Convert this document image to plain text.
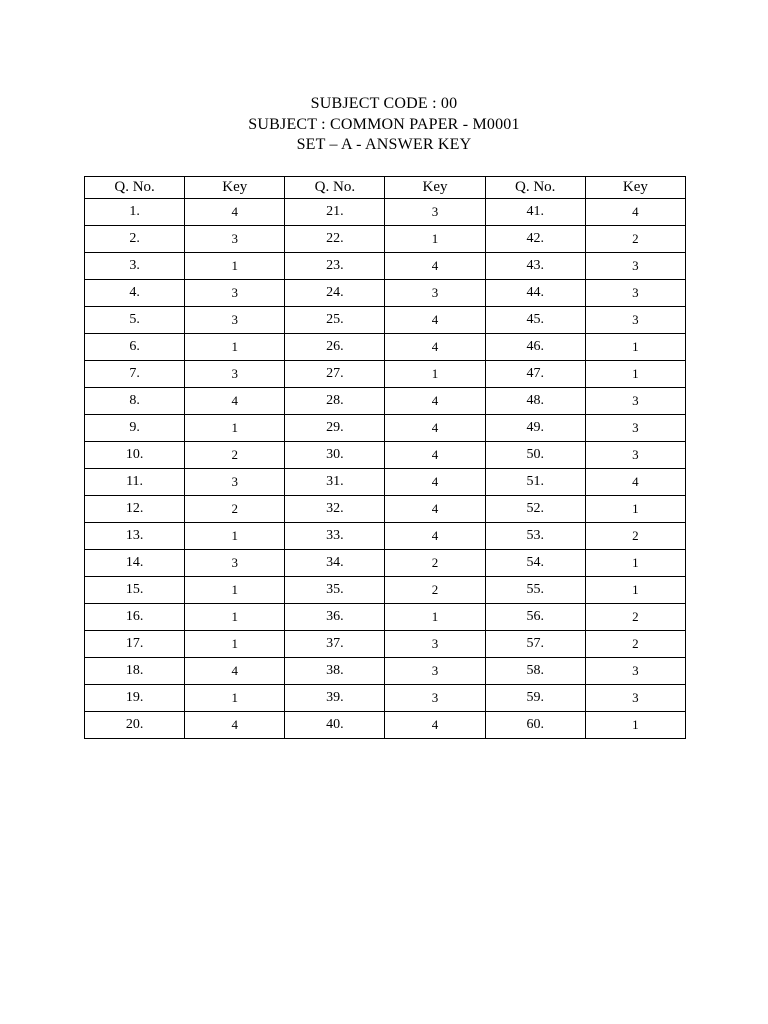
SUBJECT CODE : 00
SUBJECT : COMMON PAPER - M0001
SET – A - ANSWER KEY
Q. No.	Key	Q. No.	Key	Q. No.	Key
1.	4	21.	3	41.	4
2.	3	22.	1	42.	2
3.	1	23.	4	43.	3
4.	3	24.	3	44.	3
5.	3	25.	4	45.	3
6.	1	26.	4	46.	1
7.	3	27.	1	47.	1
8.	4	28.	4	48.	3
9.	1	29.	4	49.	3
10.	2	30.	4	50.	3
11.	3	31.	4	51.	4
12.	2	32.	4	52.	1
13.	1	33.	4	53.	2
14.	3	34.	2	54.	1
15.	1	35.	2	55.	1
16.	1	36.	1	56.	2
17.	1	37.	3	57.	2
18.	4	38.	3	58.	3
19.	1	39.	3	59.	3
20.	4	40.	4	60.	1
